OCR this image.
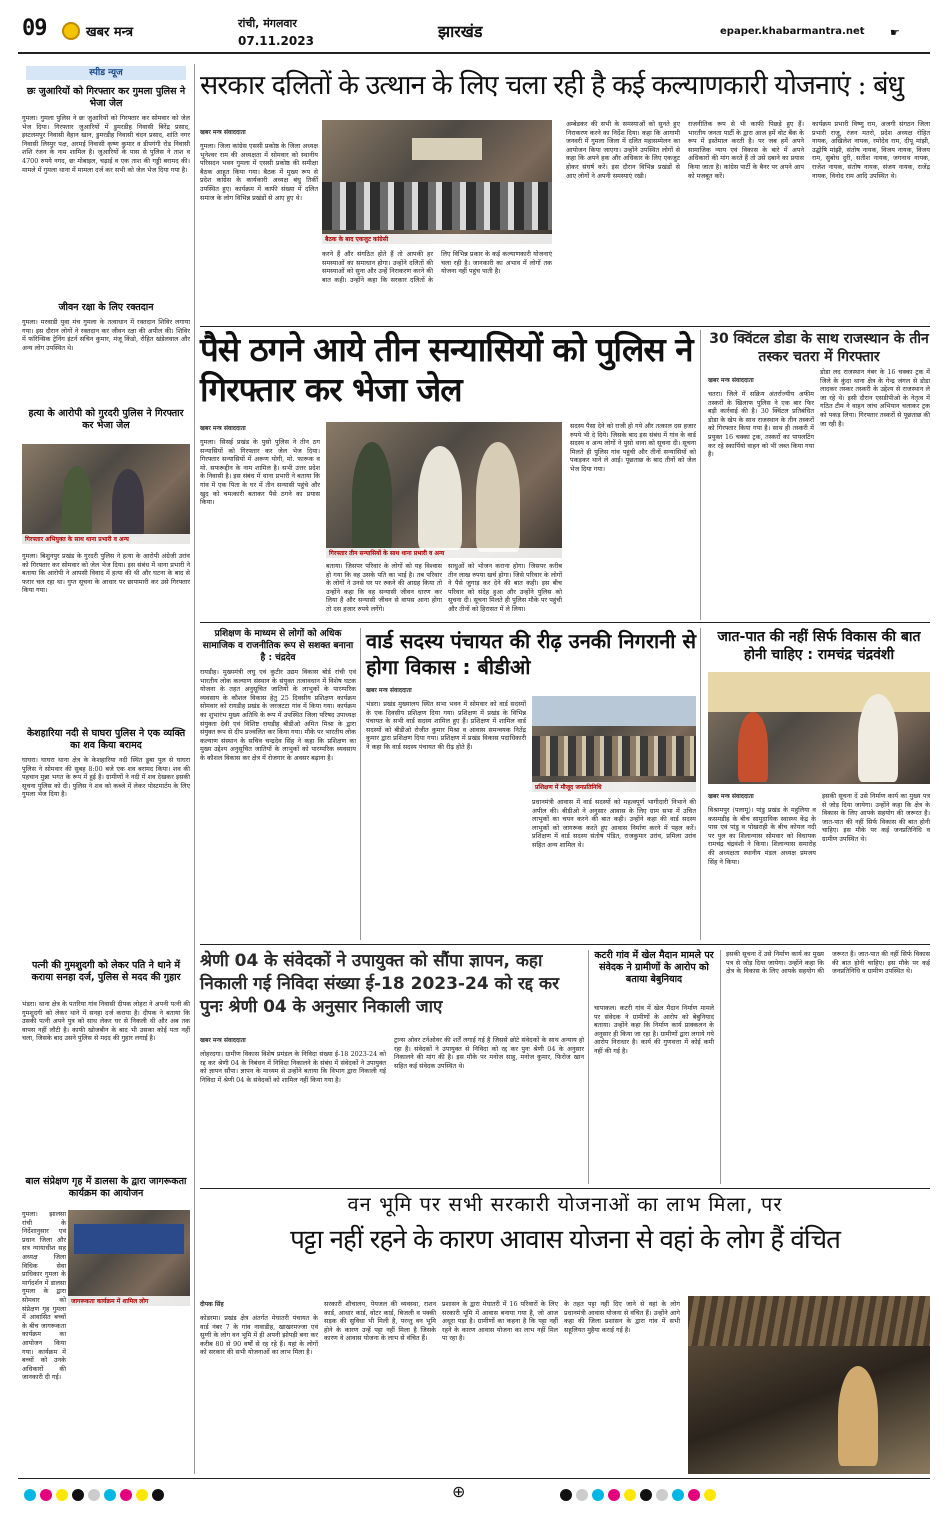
09	खबर मन्त्र
रांची, मंगलवार
07.11.2023	झारखंड	epaper.khabarmantra.net ☛
स्पीड न्यूज
छः जुआरियों को गिरफ्तार कर गुमला पुलिस ने भेजा जेल
गुमला। गुमला पुलिस ने छः जुआरियों को गिरफ्तार कर सोमवार को जेल भेज दिया। गिरफ्तार जुआरियों में डुमरडीह निवासी बिरेंद्र प्रसाद, इस्टलमपुर निवासी वैहान खान, डुमरडीह निवासी चंदन प्रसाद, शांति नगर निवासी लिस्पुर पक्ष, अरमई निवासी कृष्ण कुमार व डीपगंगी रोड निवासी शशि रंजन के नाम शामिल है। जुआरियों के पास से पुलिस ने ताश व 4700 रुपये नगद, छः मोबाइल, चढ़ाई व एक ताश की गड्डी बरामद की। मामले में गुमला थाना में मामला दर्ज कर सभी को जेल भेज दिया गया है।
जीवन रक्षा के लिए रक्तदान
गुमला। मरवाडी युवा मंच गुमला के तत्वाधान में रक्तदान शिविर लगाया गया। इस दौरान लोगों ने रक्तदान कर जीवन रक्षा की अपील की। शिविर में फॉरेन्सिक ट्रेनिंग इंटर्न सचिन कुमार, मंजू किंडो, रोहित खंडेलवाल और अन्य लोग उपस्थित थे।
हत्या के आरोपी को गुरदरी पुलिस ने गिरफ्तार कर भेजा जेल
गिरफ्तार अभियुक्त के साथ थाना प्रभारी व अन्य
गुमला। बिशुनपुर प्रखंड के गुरदरी पुलिस ने हत्या के आरोपी अंग्रेजी उरांव को गिरफ्तार कर सोमवार को जेल भेज दिया। इस संबंध में थाना प्रभारी ने बताया कि आरोपी ने आपसी विवाद में हत्या की थी और घटना के बाद से फरार चल रहा था। गुप्त सूचना के आधार पर छापामारी कर उसे गिरफ्तार किया गया।
केशहारिया नदी से घाघरा पुलिस ने एक व्यक्ति का शव किया बरामद
घाघरा। घाघरा थाना क्षेत्र के केशहारिया नदी स्थित डूबा पुल से घाघरा पुलिस ने सोमवार की सुबह 8:00 बजे एक शव बरामद किया। शव की पहचान मुन्ना भगत के रूप में हुई है। ग्रामीणों ने नदी में शव देखकर इसकी सूचना पुलिस को दी। पुलिस ने शव को कब्जे में लेकर पोस्टमार्टम के लिए गुमला भेज दिया है।
पत्नी की गुमशुदगी को लेकर पति ने थाने में कराया सनहा दर्ज, पुलिस से मदद की गुहार
भंडरा। थाना क्षेत्र के पतरिया गांव निवासी दीपक लोहरा ने अपनी पत्नी की गुमशुदगी को लेकर थाने में सनहा दर्ज कराया है। दीपक ने बताया कि उसकी पत्नी अपने पुत्र को साथ लेकर घर से निकली थी और अब तक वापस नहीं लौटी है। काफी खोजबीन के बाद भी उसका कोई पता नहीं चला, जिसके बाद उसने पुलिस से मदद की गुहार लगाई है।
बाल संप्रेक्षण गृह में डालसा के द्वारा जागरूकता कार्यक्रम का आयोजन
जागरूकता कार्यक्रम में शामिल लोग
गुमला। झालसा रांची के निर्देशानुसार एवं प्रधान जिला और सत्र न्यायाधीश सह अध्यक्ष जिला विधिक सेवा प्राधिकार गुमला के मार्गदर्शन में डालसा गुमला के द्वारा सोमवार को संप्रेक्षण गृह गुमला में आवासित बच्चों के बीच जागरूकता कार्यक्रम का आयोजन किया गया। कार्यक्रम में बच्चों को उनके अधिकारों की जानकारी दी गई।
सरकार दलितों के उत्थान के लिए चला रही है कई कल्याणकारी योजनाएं : बंधु
खबर मन्त्र संवाददाता
गुमला। जिला कांग्रेस एससी प्रकोष्ठ के जिला अध्यक्ष भुनेश्वर राम की अध्यक्षता में सोमवार को स्थानीय परिसदन भवन गुमला में एससी प्रकोष्ठ की समीक्षा बैठक आहूत किया गया। बैठक में मुख्य रूप से प्रदेश कांग्रेस के कार्यकारी अध्यक्ष बंधु तिर्की उपस्थित हुए। कार्यक्रम में काफी संख्या में दलित समाज के लोग विभिन्न प्रखंडों से आए हुए थे।
बैठक के बाद एकजुट कांग्रेसी
करने हैं और संगठित होते हैं तो आपकी हर समस्याओं का समाधान होगा। उन्होंने दलितों की समस्याओं को सुना और उन्हें निराकरण करने की बात कही। उन्होंने कहा कि सरकार दलितों के लिए विभिन्न प्रकार के कई कल्याणकारी योजनाएं चला रही है। जानकारी का अभाव में लोगों तक योजना नहीं पहुंच पाती है।
अम्बेडकर की सभी के समस्याओं को सुनते हुए निराकरण करने का निर्देश दिया। कहा कि आगामी जनवरी में गुमला जिला में दलित महासम्मेलन का आयोजन किया जाएगा। उन्होंने उपस्थित लोगों से कहा कि अपने हक और अधिकार के लिए एकजुट होकर संघर्ष करें। इस दौरान विभिन्न प्रखंडों से आए लोगों ने अपनी समस्याएं रखी।
राजनीतिक रूप से भी काफी पिछड़े हुए हैं। भारतीय जनता पार्टी के द्वारा आज हमें वोट बैंक के रूप में इस्तेमाल करती है। पर जब हमें अपने सामाजिक न्याय एवं विकास के बारे में अपने अधिकारों की मांग करते हैं तो उसे दबाने का प्रयास किया जाता है। कांग्रेस पार्टी के बैनर पर अपने आप को मजबूत करें।
कार्यक्रम प्रभारी विष्णु राम, अजगी संगठन जिला प्रभारी राजू, रंजन मतरो, प्रदेश अध्यक्ष रोहित नायक, अखिलेश नायक, रमोदेव राम, दीपू मांझी, उद्घोषि मांझी, संतोष नायक, विजय नायक, विजय राम, सुबोध दुरी, सतीश नायक, जगनाथ नायक, राजेश नायक, संतोष नायक, संजय नायक, राजेंद्र नायक, विनोद राम आदि उपस्थित थे।
पैसे ठगने आये तीन सन्यासियों को पुलिस ने गिरफ्तार कर भेजा जेल
खबर मन्त्र संवाददाता
गुमला। सिसई प्रखंड के पुसो पुलिस ने तीन ठग सन्यासियों को गिरफ्तार कर जेल भेज दिया। गिरफ्तार सन्यासियों में अरूण योगी, मो. फारूक व मो. सफरूद्दीन के नाम शामिल है। सभी उत्तर प्रदेश के निवासी है। इस संबंध में थाना प्रभारी ने बताया कि गांव में एक पिता के घर में तीन सन्यासी पहुंचे और खुद को चमत्कारी बताकर पैसे ठगने का प्रयास किया।
गिरफ्तार तीन सन्यासियों के साथ थाना प्रभारी व अन्य
बताया। जिसपर परिवार के लोगों को यह विश्वास हो गया कि वह उसके पति का भाई है। तब परिवार के लोगों ने उनसे घर पर रुकने की आग्रह किया तो उन्होंने कहा कि वह सन्यासी जीवन धारण कर लिया है और सन्यासी जीवन से वापस आना होगा तो दस हजार रुपये लगेंगे।
साधुओं को भोजन कराना होगा। जिसपर करीब तीन लाख रुपया खर्च होगा। जिसे परिवार के लोगों ने पैसे जुगाड़ कर देने की बात कही। इस बीच परिवार को संदेह हुआ और उन्होंने पुलिस को सूचना दी। सूचना मिलते ही पुलिस मौके पर पहुंची और तीनों को हिरासत में ले लिया।
सदस्य पैसा देने को राजी हो गये और तत्काल दस हजार रुपये भी दे दिये। जिसके बाद इस संबंध में गांव के वार्ड सदस्य व अन्य लोगों ने पुसो थाना को सूचना दी। सूचना मिलते ही पुलिस गांव पहुंची और तीनों सन्यासियों को पकड़कर थाने ले आई। पूछताछ के बाद तीनों को जेल भेज दिया गया।
30 क्विंटल डोडा के साथ राजस्थान के तीन तस्कर चतरा में गिरफ्तार
खबर मन्त्र संवाददाता
चतरा। जिले में सक्रिय अंतर्राज्यीय अफीम तस्करों के खिलाफ पुलिस ने एक बार फिर बड़ी कार्रवाई की है। 30 क्विंटल प्रतिबंधित डोडा के खेप के साथ राजस्थान के तीन तस्करों को गिरफ्तार किया गया है। साथ ही तस्करी में प्रयुक्त 16 चक्का ट्रक, तस्करों का पायलटिंग कर रहे स्कार्पियो वाहन को भी जब्त किया गया है।
डोडा लद राजस्थान नंबर के 16 चक्का ट्रक में जिले के कुंदा थाना क्षेत्र के गेन्द्र जंगल से डोडा लादकर तस्कर तस्करी के उद्देश्य से राजस्थान ले जा रहे थे। इसी दौरान एसडीपीओ के नेतृत्व में गठित टीम ने वाहन जांच अभियान चलाकर ट्रक को पकड़ लिया। गिरफ्तार तस्करों से पूछताछ की जा रही है।
प्रशिक्षण के माध्यम से लोगों को अधिक सामाजिक व राजनीतिक रूप से सशक्त बनाना है : चंद्रदेव
रायडीह। मुख्यमंत्री लघु एवं कुटीर उद्यम विकास बोर्ड रांची एवं भारतीय लोक कल्याण संस्थान के संयुक्त तत्वावधान में विशेष घटक योजना के तहत अनुसूचित जातियों के लाभुकों के पारम्परिक व्यवसाय के कौशल विकास हेतु 25 दिवसीय प्रशिक्षण कार्यक्रम सोमवार को रायडीह प्रखंड के जरजटटा गांव में किया गया। कार्यक्रम का शुभारंभ मुख्य अतिथि के रूप में उपस्थित जिला परिषद उपाध्यक्ष संयुक्ता देवी एवं विशिष्ट रायडीह बीडीओ अमित मिश्रा के द्वारा संयुक्त रूप से दीप प्रज्वलित कर किया गया। मौके पर भारतीय लोक कल्याण संस्थान के सचिव चन्द्रदेव सिंह ने कहा कि प्रशिक्षण का मुख्य उद्देश्य अनुसूचित जातियों के लाभुकों को पारम्परिक व्यवसाय के कौशल विकास कर क्षेत्र में रोजगार के अवसर बढ़ाना है।
वार्ड सदस्य पंचायत की रीढ़ उनकी निगरानी से होगा विकास : बीडीओ
खबर मन्त्र संवाददाता
भंडरा। प्रखंड मुख्यालय स्थित सभा भवन में सोमवार को वार्ड सदस्यों के एक दिवसीय प्रशिक्षण दिया गया। प्रशिक्षण में प्रखंड के विभिन्न पंचायत के सभी वार्ड सदस्य शामिल हुए हैं। प्रशिक्षण में शामिल वार्ड सदस्यों को बीडीओ रोजीत कुमार मिश्रा व आवास समन्वयक नितेंद्र कुमार द्वारा प्रशिक्षण दिया गया। प्रशिक्षण में प्रखंड विकास पदाधिकारी ने कहा कि वार्ड सदस्य पंचायत की रीढ़ होते हैं।
प्रशिक्षण में मौजूद जनप्रतिनिधि
प्रधानमंत्री आवास में वार्ड सदस्यों को महत्वपूर्ण भागीदारी निभाने की अपील की। बीडीओ ने अनुसार आवास के लिए ग्राम सभा में उचित लाभुकों का चयन करने की बात कही। उन्होंने कहा की वार्ड सदस्य लाभुकों को जागरूक करते हुए आवास निर्माण करने में पहल करें। प्रशिक्षण में वार्ड सदस्य संतोष पंडित, राजकुमार उरांव, प्रमिला उरांव सहित अन्य शामिल थे।
जात-पात की नहीं सिर्फ विकास की बात होनी चाहिए : रामचंद्र चंद्रवंशी
खबर मन्त्र संवाददाता
विश्रामपुर (पलामू)। पांडु प्रखंड के महुलिया व कसमडीह के बीच सामुदायिक स्वास्थ्य केंद्र के पास एवं पांडु व पोखराही के बीच कोयल नदी पर पुल का शिलान्यास सोमवार को विधायक रामचंद्र चंद्रवंशी ने किया। शिलान्यास समारोह की अध्यक्षता स्थानीय मंडल अध्यक्ष प्रमजय सिंह ने किया।
इसकी सूचना दें उसे निर्माण कार्य का मुख्य पत्र से जोड़ दिया जायेगा। उन्होंने कहा कि क्षेत्र के विकास के लिए आपके सहयोग की जरूरत है। जात-पात की नहीं सिर्फ विकास की बात होनी चाहिए। इस मौके पर कई जनप्रतिनिधि व ग्रामीण उपस्थित थे।
श्रेणी 04 के संवेदकों ने उपायुक्त को सौंपा ज्ञापन, कहा निकाली गई निविदा संख्या ई-18 2023-24 को रद्द कर पुनः श्रेणी 04 के अनुसार निकाली जाए
खबर मन्त्र संवाददाता
लोहरदगा। ग्रामीण विकास विशेष प्रमंडल के निविदा संख्या ई-18 2023-24 को रद्द कर श्रेणी 04 के निबंधन में निविदा निकालने के संबंध में संवेदकों ने उपायुक्त को ज्ञापन सौंपा। ज्ञापन के माध्यम से उन्होंने बताया कि विभाग द्वारा निकाली गई निविदा में श्रेणी 04 के संवेदकों को शामिल नहीं किया गया है।
ट्रान्स ओवर टर्नओवर की शर्तें लगाई गई है जिससे छोटे संवेदकों के साथ अन्याय हो रहा है। संवेदकों ने उपायुक्त से निविदा को रद्द कर पुनः श्रेणी 04 के अनुसार निकालने की मांग की है। इस मौके पर मनोज साहु, मनोज कुमार, फिरोज खान सहित कई संवेदक उपस्थित थे।
कटरी गांव में खेल मैदान मामले पर संवेदक ने ग्रामीणों के आरोप को बताया बेबुनियाद
चापाकल। कटरी गांव में खेल मैदान निर्माण मामले पर संवेदक ने ग्रामीणों के आरोप को बेबुनियाद बताया। उन्होंने कहा कि निर्माण कार्य प्राक्कलन के अनुसार ही किया जा रहा है। ग्रामीणों द्वारा लगाये गये आरोप निराधार है। कार्य की गुणवत्ता में कोई कमी नहीं की गई है।
इसकी सूचना दें उसे निर्माण कार्य का मुख्य पत्र से जोड़ दिया जायेगा। उन्होंने कहा कि क्षेत्र के विकास के लिए आपके सहयोग की जरूरत है। जात-पात की नहीं सिर्फ विकास की बात होनी चाहिए। इस मौके पर कई जनप्रतिनिधि व ग्रामीण उपस्थित थे।
वन भूमि पर सभी सरकारी योजनाओं का लाभ मिला, पर
पट्टा नहीं रहने के कारण आवास योजना से वहां के लोग हैं वंचित
दीपक सिंह
कोडरमा। प्रखंड क्षेत्र अंतर्गत मेघातरी पंचायत के वार्ड नंबर 7 के गांव नावाडीह, खाखरमज्जा एवं सुग्गी के लोग वन भूमि में ही अपनी झोपड़ी बना कर करीब 80 से 90 वर्षों से रह रहे हैं। यहां के लोगों को सरकार की सभी योजनाओं का लाभ मिला है।
सरकारी शौचालय, पेयजल की व्यवस्था, राशन कार्ड, आधार कार्ड, वोटर कार्ड, बिजली व पक्की सड़क की सुविधा भी मिली है, परन्तु वन भूमि होने के कारण उन्हें पट्टा नहीं मिला है जिसके कारण वे आवास योजना के लाभ से वंचित हैं।
प्रशासन के द्वारा मेघातरी में 16 परिवारों के लिए सरकारी भूमि में आवास बनाया गया है, जो आज अधूरा पड़ा है। ग्रामीणों का कहना है कि पट्टा नहीं रहने के कारण आवास योजना का लाभ नहीं मिल पा रहा है।
के तहत पट्टा नहीं दिए जाने से वहां के लोग प्रधानमंत्री आवास योजना से वंचित हैं। उन्होंने आगे कहा की जिला प्रशासन के द्वारा गांव में सभी सहूलियत मुहैया कराई गई है।
⊕
